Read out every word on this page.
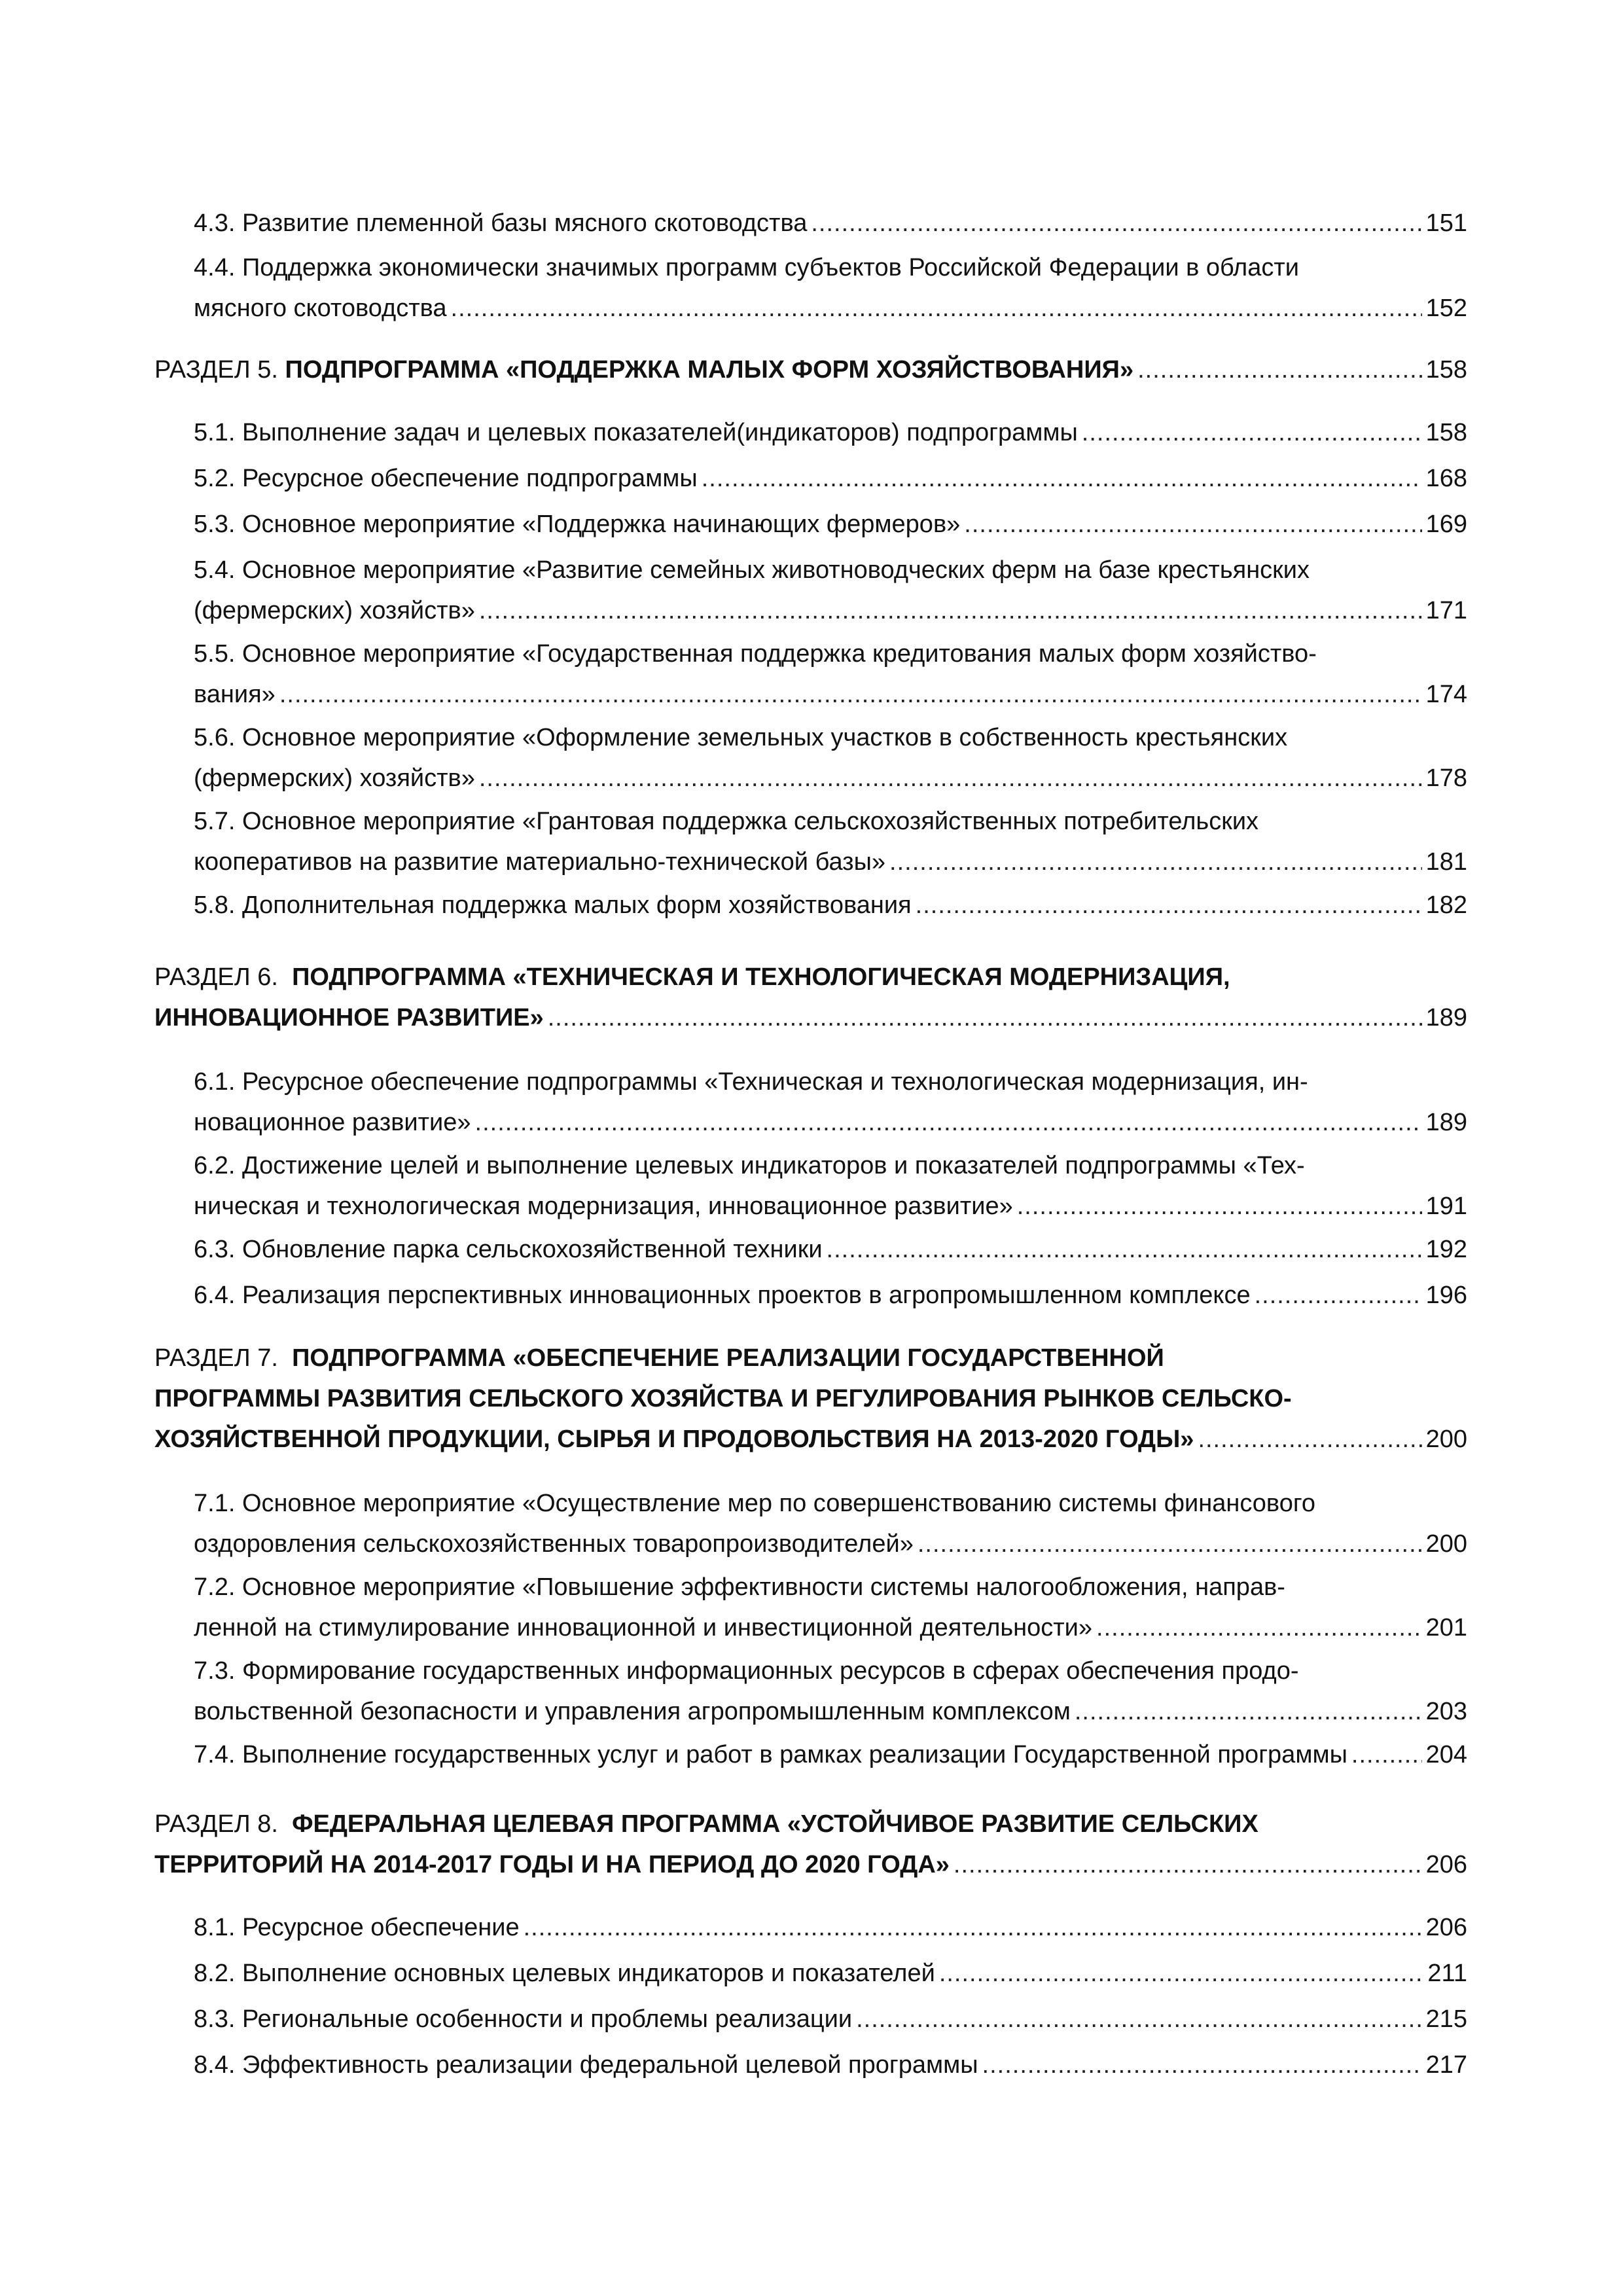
4.3. Развитие племенной базы мясного скотоводства .....	151
4.4. Поддержка экономически значимых программ субъектов Российской Федерации в области
мясного скотоводства .....	152
РАЗДЕЛ 5.
ПОДПРОГРАММА «ПОДДЕРЖКА МАЛЫХ ФОРМ ХОЗЯЙСТВОВАНИЯ» .....	158
5.1. Выполнение задач и целевых показателей(индикаторов) подпрограммы .....	158
5.2. Ресурсное обеспечение подпрограммы .....	168
5.3. Основное мероприятие «Поддержка начинающих фермеров» .....	169
5.4. Основное мероприятие «Развитие семейных животноводческих ферм на базе крестьянских
(фермерских) хозяйств» .....	171
5.5. Основное мероприятие «Государственная поддержка кредитования малых форм хозяйство-
вания» .....	174
5.6. Основное мероприятие «Оформление земельных участков в собственность крестьянских
(фермерских) хозяйств» .....	178
5.7. Основное мероприятие «Грантовая поддержка сельскохозяйственных потребительских
кооперативов на развитие материально-технической базы» .....	181
5.8. Дополнительная поддержка малых форм хозяйствования .....	182
РАЗДЕЛ 6.  ПОДПРОГРАММА «ТЕХНИЧЕСКАЯ И ТЕХНОЛОГИЧЕСКАЯ МОДЕРНИЗАЦИЯ,
ИННОВАЦИОННОЕ РАЗВИТИЕ» .....	189
6.1. Ресурсное обеспечение подпрограммы «Техническая и технологическая модернизация, ин-
новационное развитие» .....	189
6.2. Достижение целей и выполнение целевых индикаторов и показателей подпрограммы «Тех-
ническая и технологическая модернизация, инновационное развитие» .....	191
6.3. Обновление парка сельскохозяйственной техники .....	192
6.4. Реализация перспективных инновационных проектов в агропромышленном комплексе .....	196
РАЗДЕЛ 7.  ПОДПРОГРАММА «ОБЕСПЕЧЕНИЕ РЕАЛИЗАЦИИ ГОСУДАРСТВЕННОЙ
ПРОГРАММЫ РАЗВИТИЯ СЕЛЬСКОГО ХОЗЯЙСТВА И РЕГУЛИРОВАНИЯ РЫНКОВ СЕЛЬСКО-
ХОЗЯЙСТВЕННОЙ ПРОДУКЦИИ, СЫРЬЯ И ПРОДОВОЛЬСТВИЯ НА 2013-2020 ГОДЫ» .....	200
7.1. Основное мероприятие «Осуществление мер по совершенствованию системы финансового
оздоровления сельскохозяйственных товаропроизводителей» .....	200
7.2. Основное мероприятие «Повышение эффективности системы налогообложения, направ-
ленной на стимулирование инновационной и инвестиционной деятельности» .....	201
7.3. Формирование государственных информационных ресурсов в сферах обеспечения продо-
вольственной безопасности и управления агропромышленным комплексом .....	203
7.4. Выполнение государственных услуг и работ в рамках реализации Государственной программы .....	204
РАЗДЕЛ 8.  ФЕДЕРАЛЬНАЯ ЦЕЛЕВАЯ ПРОГРАММА «УСТОЙЧИВОЕ РАЗВИТИЕ СЕЛЬСКИХ
ТЕРРИТОРИЙ НА 2014-2017 ГОДЫ И НА ПЕРИОД ДО 2020 ГОДА» .....	206
8.1. Ресурсное обеспечение .....	206
8.2. Выполнение основных целевых индикаторов и показателей .....	211
8.3. Региональные особенности и проблемы реализации .....	215
8.4. Эффективность реализации федеральной целевой программы .....	217
